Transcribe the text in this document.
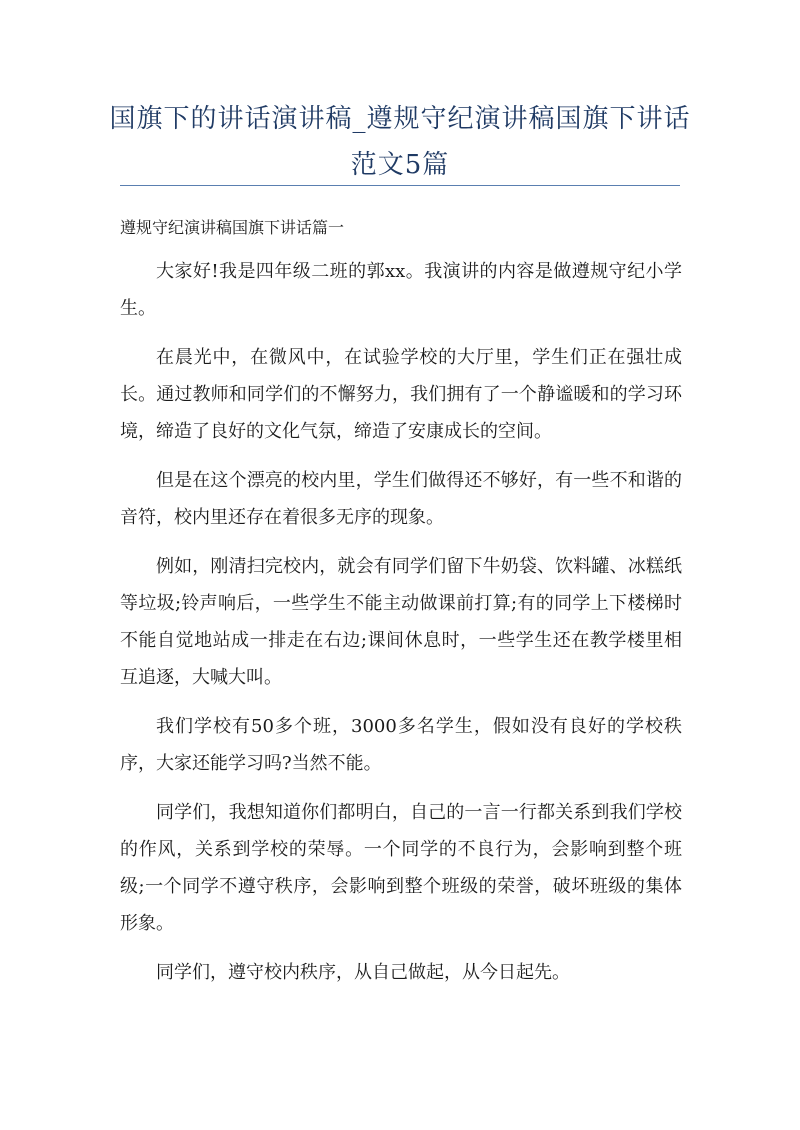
国旗下的讲话演讲稿_遵规守纪演讲稿国旗下讲话范文5篇
遵规守纪演讲稿国旗下讲话篇一

大家好!我是四年级二班的郭xx。我演讲的内容是做遵规守纪小学生。

在晨光中，在微风中，在试验学校的大厅里，学生们正在强壮成长。通过教师和同学们的不懈努力，我们拥有了一个静谧暖和的学习环境，缔造了良好的文化气氛，缔造了安康成长的空间。

但是在这个漂亮的校内里，学生们做得还不够好，有一些不和谐的音符，校内里还存在着很多无序的现象。

例如，刚清扫完校内，就会有同学们留下牛奶袋、饮料罐、冰糕纸等垃圾;铃声响后，一些学生不能主动做课前打算;有的同学上下楼梯时不能自觉地站成一排走在右边;课间休息时，一些学生还在教学楼里相互追逐，大喊大叫。

我们学校有50多个班，3000多名学生，假如没有良好的学校秩序，大家还能学习吗?当然不能。

同学们，我想知道你们都明白，自己的一言一行都关系到我们学校的作风，关系到学校的荣辱。一个同学的不良行为，会影响到整个班级;一个同学不遵守秩序，会影响到整个班级的荣誉，破坏班级的集体形象。

同学们，遵守校内秩序，从自己做起，从今日起先。
